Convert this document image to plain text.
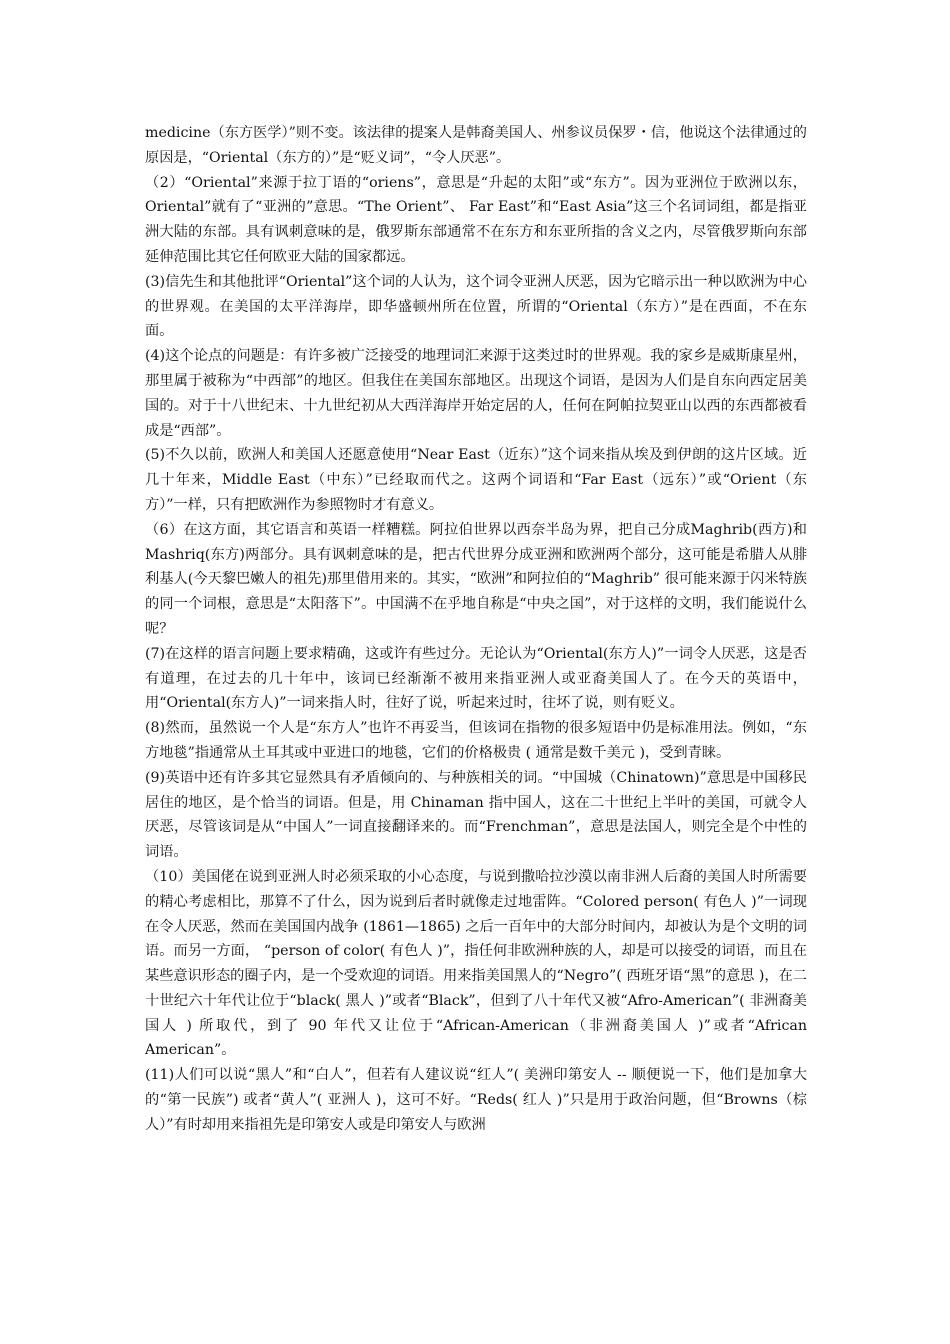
medicine（东方医学）”则不变。该法律的提案人是韩裔美国人、州参议员保罗・信，他说这个法律通过的原因是，“Oriental（东方的）”是“贬义词”，“令人厌恶”。

（2）“Oriental”来源于拉丁语的“oriens”，意思是“升起的太阳”或“东方”。因为亚洲位于欧洲以东， Oriental”就有了“亚洲的”意思。“The Orient”、 Far East”和“East Asia”这三个名词词组，都是指亚洲大陆的东部。具有讽刺意味的是，俄罗斯东部通常不在东方和东亚所指的含义之内，尽管俄罗斯向东部延伸范围比其它任何欧亚大陆的国家都远。

(3)信先生和其他批评“Oriental”这个词的人认为，这个词令亚洲人厌恶，因为它暗示出一种以欧洲为中心的世界观。在美国的太平洋海岸，即华盛顿州所在位置，所谓的“Oriental（东方）”是在西面，不在东面。

(4)这个论点的问题是：有许多被广泛接受的地理词汇来源于这类过时的世界观。我的家乡是威斯康星州，那里属于被称为“中西部”的地区。但我住在美国东部地区。出现这个词语，是因为人们是自东向西定居美国的。对于十八世纪末、十九世纪初从大西洋海岸开始定居的人，任何在阿帕拉契亚山以西的东西都被看成是“西部”。

(5)不久以前，欧洲人和美国人还愿意使用“Near East（近东）”这个词来指从埃及到伊朗的这片区域。近几十年来，Middle East（中东）”已经取而代之。这两个词语和“Far East（远东）”或“Orient（东方）”一样，只有把欧洲作为参照物时才有意义。

（6）在这方面，其它语言和英语一样糟糕。阿拉伯世界以西奈半岛为界，把自己分成Maghrib(西方)和 Mashriq(东方)两部分。具有讽刺意味的是，把古代世界分成亚洲和欧洲两个部分，这可能是希腊人从腓利基人(今天黎巴嫩人的祖先)那里借用来的。其实，“欧洲”和阿拉伯的“Maghrib” 很可能来源于闪米特族的同一个词根，意思是“太阳落下”。中国满不在乎地自称是“中央之国”，对于这样的文明，我们能说什么呢？

(7)在这样的语言问题上要求精确，这或许有些过分。无论认为“Oriental(东方人)”一词令人厌恶，这是否有道理，在过去的几十年中，该词已经渐渐不被用来指亚洲人或亚裔美国人了。在今天的英语中，用“Oriental(东方人)”一词来指人时，往好了说，听起来过时，往坏了说，则有贬义。

(8)然而，虽然说一个人是“东方人”也许不再妥当，但该词在指物的很多短语中仍是标准用法。例如，“东方地毯”指通常从土耳其或中亚进口的地毯，它们的价格极贵 ( 通常是数千美元 )，受到青睐。

(9)英语中还有许多其它显然具有矛盾倾向的、与种族相关的词。“中国城（Chinatown)”意思是中国移民居住的地区，是个恰当的词语。但是，用 Chinaman 指中国人，这在二十世纪上半叶的美国，可就令人厌恶，尽管该词是从“中国人”一词直接翻译来的。而“Frenchman”，意思是法国人，则完全是个中性的词语。

（10）美国佬在说到亚洲人时必须采取的小心态度，与说到撒哈拉沙漠以南非洲人后裔的美国人时所需要的精心考虑相比，那算不了什么，因为说到后者时就像走过地雷阵。“Colored person( 有色人 )”一词现在令人厌恶，然而在美国国内战争 (1861—1865) 之后一百年中的大部分时间内，却被认为是个文明的词语。而另一方面， “person of color( 有色人 )”，指任何非欧洲种族的人，却是可以接受的词语，而且在某些意识形态的圈子内，是一个受欢迎的词语。用来指美国黑人的“Negro”( 西班牙语“黑”的意思 )，在二十世纪六十年代让位于“black( 黑人 )”或者“Black”，但到了八十年代又被“Afro-American”( 非洲裔美国人 ) 所取代，到了 90 年代又让位于“African-American（非洲裔美国人 )”或者“African American”。

(11)人们可以说“黑人”和“白人”，但若有人建议说“红人”( 美洲印第安人 -- 顺便说一下，他们是加拿大的“第一民族”) 或者“黄人”( 亚洲人 )，这可不好。“Reds( 红人 )”只是用于政治问题，但“Browns（棕人）”有时却用来指祖先是印第安人或是印第安人与欧洲
